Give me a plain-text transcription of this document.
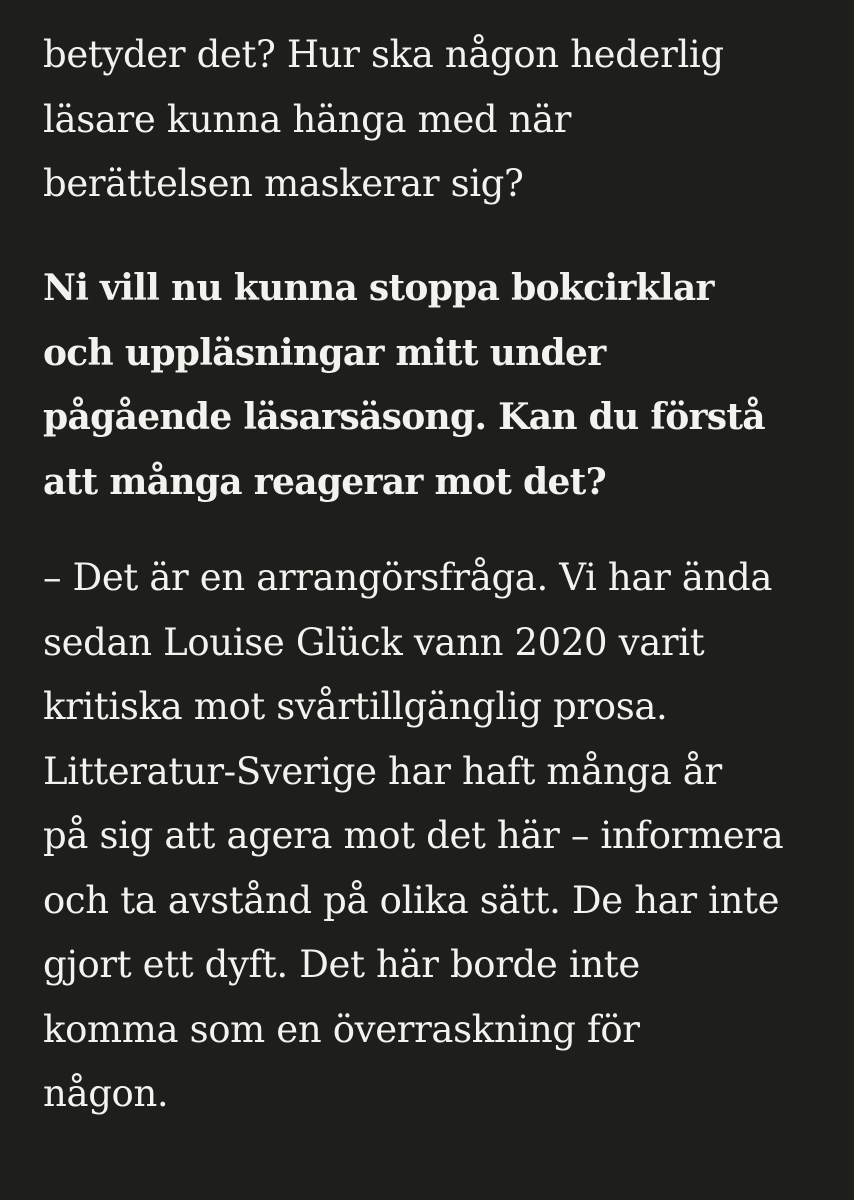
betyder det? Hur ska någon hederlig
läsare kunna hänga med när
berättelsen maskerar sig?

Ni vill nu kunna stoppa bokcirklar
och uppläsningar mitt under
pågående läsarsäsong. Kan du förstå
att många reagerar mot det?

– Det är en arrangörsfråga. Vi har ända
sedan Louise Glück vann 2020 varit
kritiska mot svårtillgänglig prosa.
Litteratur-Sverige har haft många år
på sig att agera mot det här – informera
och ta avstånd på olika sätt. De har inte
gjort ett dyft. Det här borde inte
komma som en överraskning för
någon.
